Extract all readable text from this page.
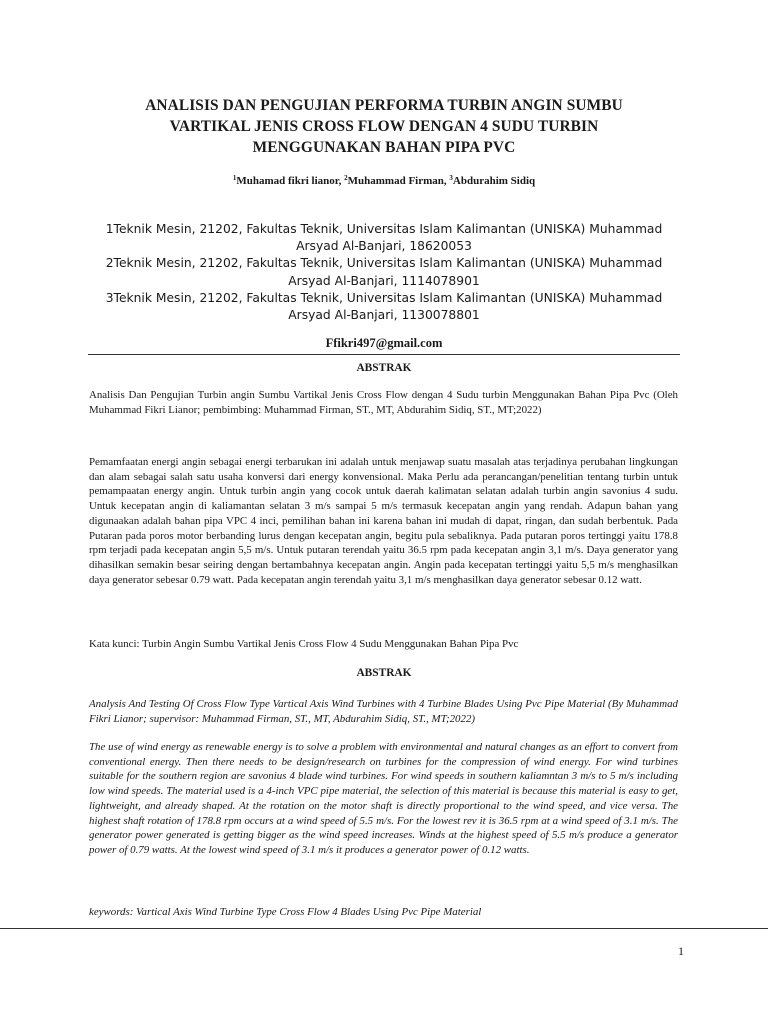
ANALISIS DAN PENGUJIAN PERFORMA TURBIN ANGIN SUMBU
VARTIKAL JENIS CROSS FLOW DENGAN 4 SUDU TURBIN
MENGGUNAKAN BAHAN PIPA PVC
$^1$Muhamad fikri lianor, $^2$Muhammad Firman, $^3$Abdurahim Sidiq
1Teknik Mesin, 21202, Fakultas Teknik, Universitas Islam Kalimantan (UNISKA) Muhammad Arsyad Al-Banjari, 18620053
2Teknik Mesin, 21202, Fakultas Teknik, Universitas Islam Kalimantan (UNISKA) Muhammad Arsyad Al-Banjari, 1114078901
3Teknik Mesin, 21202, Fakultas Teknik, Universitas Islam Kalimantan (UNISKA) Muhammad Arsyad Al-Banjari, 1130078801
Ffikri497@gmail.com
ABSTRAK
Analisis Dan Pengujian Turbin angin Sumbu Vartikal Jenis Cross Flow dengan 4 Sudu turbin Menggunakan Bahan Pipa Pvc (Oleh Muhammad Fikri Lianor; pembimbing: Muhammad Firman, ST., MT, Abdurahim Sidiq, ST., MT;2022)
Pemamfaatan energi angin sebagai energi terbarukan ini adalah untuk menjawap suatu masalah atas terjadinya perubahan lingkungan dan alam sebagai salah satu usaha konversi dari energy konvensional. Maka Perlu ada perancangan/penelitian tentang turbin untuk pemampaatan energy angin. Untuk turbin angin yang cocok untuk daerah kalimatan selatan adalah turbin angin savonius 4 sudu. Untuk kecepatan angin di kaliamantan selatan 3 m/s sampai 5 m/s termasuk kecepatan angin yang rendah. Adapun bahan yang digunaakan adalah bahan pipa VPC 4 inci, pemilihan bahan ini karena bahan ini mudah di dapat, ringan, dan sudah berbentuk. Pada Putaran pada poros motor berbanding lurus dengan kecepatan angin, begitu pula sebaliknya. Pada putaran poros tertinggi yaitu 178.8 rpm terjadi pada kecepatan angin 5,5 m/s. Untuk putaran terendah yaitu 36.5 rpm pada kecepatan angin 3,1 m/s. Daya generator yang dihasilkan semakin besar seiring dengan bertambahnya kecepatan angin. Angin pada kecepatan tertinggi yaitu 5,5 m/s menghasilkan daya generator sebesar 0.79 watt. Pada kecepatan angin terendah yaitu 3,1 m/s menghasilkan daya generator sebesar 0.12 watt.
Kata kunci: Turbin Angin Sumbu Vartikal Jenis Cross Flow 4 Sudu Menggunakan Bahan Pipa Pvc
ABSTRAK
Analysis And Testing Of Cross Flow Type Vartical Axis Wind Turbines with 4 Turbine Blades Using Pvc Pipe Material (By Muhammad Fikri Lianor; supervisor: Muhammad Firman, ST., MT, Abdurahim Sidiq, ST., MT;2022)
The use of wind energy as renewable energy is to solve a problem with environmental and natural changes as an effort to convert from conventional energy. Then there needs to be design/research on turbines for the compression of wind energy. For wind turbines suitable for the southern region are savonius 4 blade wind turbines. For wind speeds in southern kaliamntan 3 m/s to 5 m/s including low wind speeds. The material used is a 4-inch VPC pipe material, the selection of this material is because this material is easy to get, lightweight, and already shaped. At the rotation on the motor shaft is directly proportional to the wind speed, and vice versa. The highest shaft rotation of 178.8 rpm occurs at a wind speed of 5.5 m/s. For the lowest rev it is 36.5 rpm at a wind speed of 3.1 m/s. The generator power generated is getting bigger as the wind speed increases. Winds at the highest speed of 5.5 m/s produce a generator power of 0.79 watts. At the lowest wind speed of 3.1 m/s it produces a generator power of 0.12 watts.
keywords: Vartical Axis Wind Turbine Type Cross Flow 4 Blades Using Pvc Pipe Material
1
